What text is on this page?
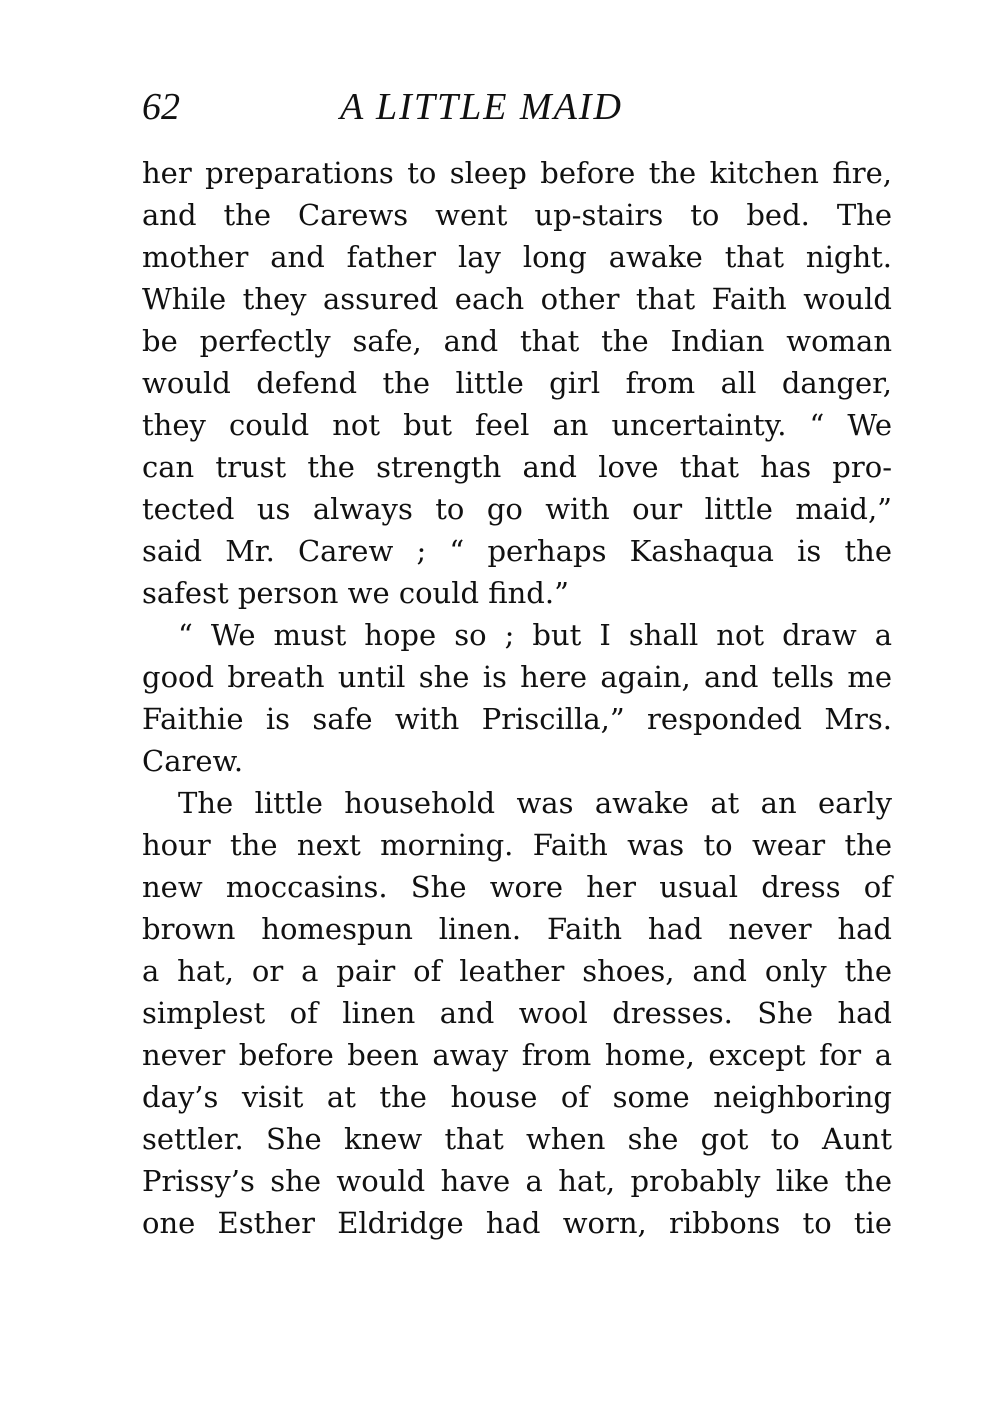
62	A LITTLE MAID
her preparations to sleep before the kitchen fire,
and the Carews went up-stairs to bed. The
mother and father lay long awake that night.
While they assured each other that Faith would
be perfectly safe, and that the Indian woman
would defend the little girl from all danger,
they could not but feel an uncertainty. “ We
can trust the strength and love that has pro-
tected us always to go with our little maid,”
said Mr. Carew ; “ perhaps Kashaqua is the
safest person we could find.”
“ We must hope so ; but I shall not draw a
good breath until she is here again, and tells me
Faithie is safe with Priscilla,” responded Mrs.
Carew.
The little household was awake at an early
hour the next morning. Faith was to wear the
new moccasins. She wore her usual dress of
brown homespun linen. Faith had never had
a hat, or a pair of leather shoes, and only the
simplest of linen and wool dresses. She had
never before been away from home, except for a
day’s visit at the house of some neighboring
settler. She knew that when she got to Aunt
Prissy’s she would have a hat, probably like the
one Esther Eldridge had worn, ribbons to tie
